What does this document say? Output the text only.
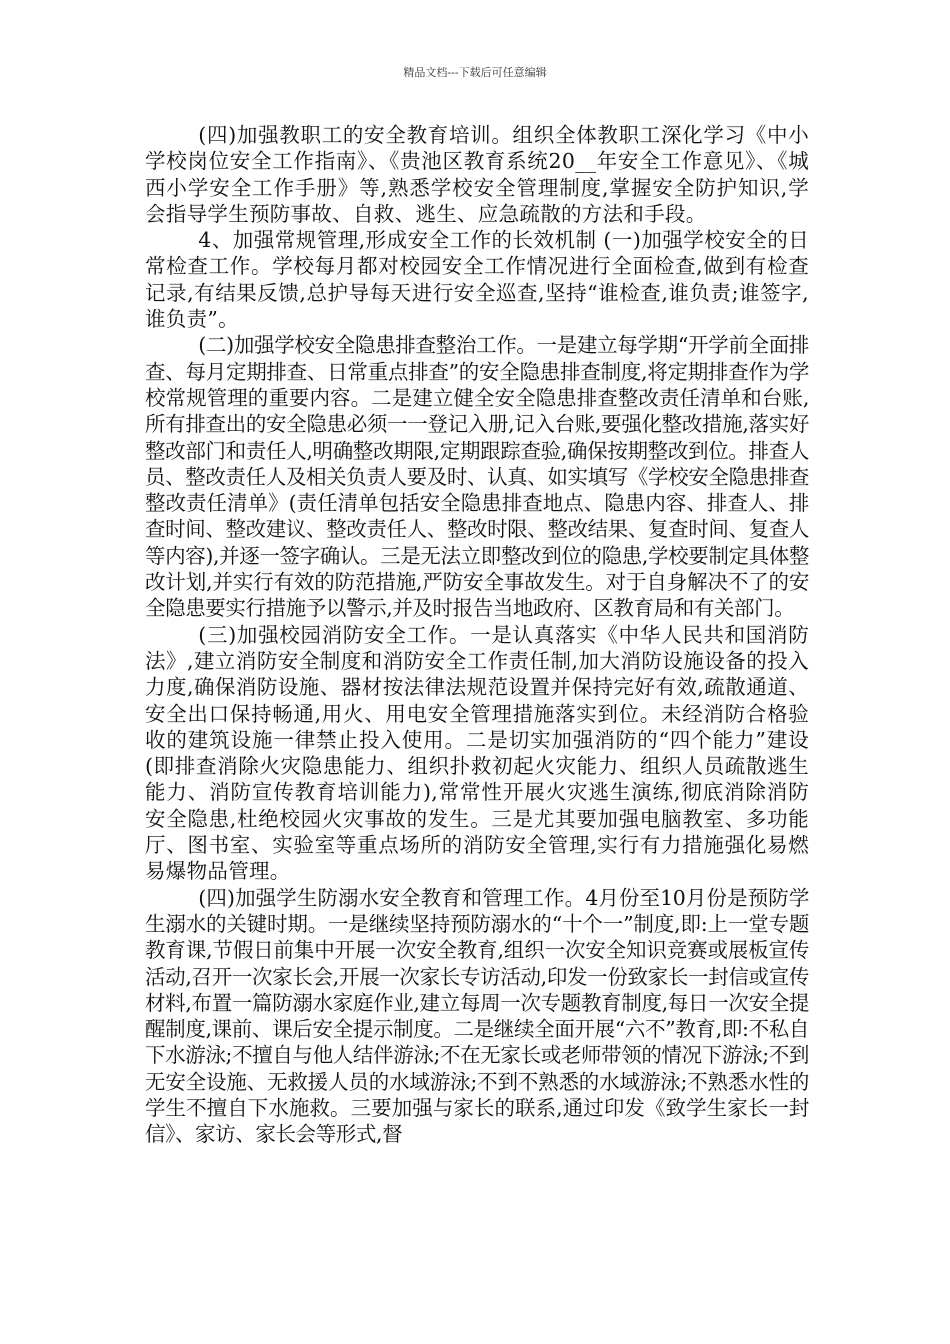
精品文档---下载后可任意编辑

(四)加强教职工的安全教育培训。组织全体教职工深化学习《中小学校岗位安全工作指南》、《贵池区教育系统20__年安全工作意见》、《城西小学安全工作手册》等,熟悉学校安全管理制度,掌握安全防护知识,学会指导学生预防事故、自救、逃生、应急疏散的方法和手段。

4、加强常规管理,形成安全工作的长效机制 (一)加强学校安全的日常检查工作。学校每月都对校园安全工作情况进行全面检查,做到有检查记录,有结果反馈,总护导每天进行安全巡查,坚持“谁检查,谁负责;谁签字,谁负责”。

(二)加强学校安全隐患排查整治工作。一是建立每学期“开学前全面排查、每月定期排查、日常重点排查”的安全隐患排查制度,将定期排查作为学校常规管理的重要内容。二是建立健全安全隐患排查整改责任清单和台账,所有排查出的安全隐患必须一一登记入册,记入台账,要强化整改措施,落实好整改部门和责任人,明确整改期限,定期跟踪查验,确保按期整改到位。排查人员、整改责任人及相关负责人要及时、认真、如实填写《学校安全隐患排查整改责任清单》(责任清单包括安全隐患排查地点、隐患内容、排查人、排查时间、整改建议、整改责任人、整改时限、整改结果、复查时间、复查人等内容),并逐一签字确认。三是无法立即整改到位的隐患,学校要制定具体整改计划,并实行有效的防范措施,严防安全事故发生。对于自身解决不了的安全隐患要实行措施予以警示,并及时报告当地政府、区教育局和有关部门。

(三)加强校园消防安全工作。一是认真落实《中华人民共和国消防法》,建立消防安全制度和消防安全工作责任制,加大消防设施设备的投入力度,确保消防设施、器材按法律法规范设置并保持完好有效,疏散通道、安全出口保持畅通,用火、用电安全管理措施落实到位。未经消防合格验收的建筑设施一律禁止投入使用。二是切实加强消防的“四个能力”建设(即排查消除火灾隐患能力、组织扑救初起火灾能力、组织人员疏散逃生能力、消防宣传教育培训能力),常常性开展火灾逃生演练,彻底消除消防安全隐患,杜绝校园火灾事故的发生。三是尤其要加强电脑教室、多功能厅、图书室、实验室等重点场所的消防安全管理,实行有力措施强化易燃易爆物品管理。

(四)加强学生防溺水安全教育和管理工作。4月份至10月份是预防学生溺水的关键时期。一是继续坚持预防溺水的“十个一”制度,即:上一堂专题教育课,节假日前集中开展一次安全教育,组织一次安全知识竞赛或展板宣传活动,召开一次家长会,开展一次家长专访活动,印发一份致家长一封信或宣传材料,布置一篇防溺水家庭作业,建立每周一次专题教育制度,每日一次安全提醒制度,课前、课后安全提示制度。二是继续全面开展“六不”教育,即:不私自下水游泳;不擅自与他人结伴游泳;不在无家长或老师带领的情况下游泳;不到无安全设施、无救援人员的水域游泳;不到不熟悉的水域游泳;不熟悉水性的学生不擅自下水施救。三要加强与家长的联系,通过印发《致学生家长一封信》、家访、家长会等形式,督
